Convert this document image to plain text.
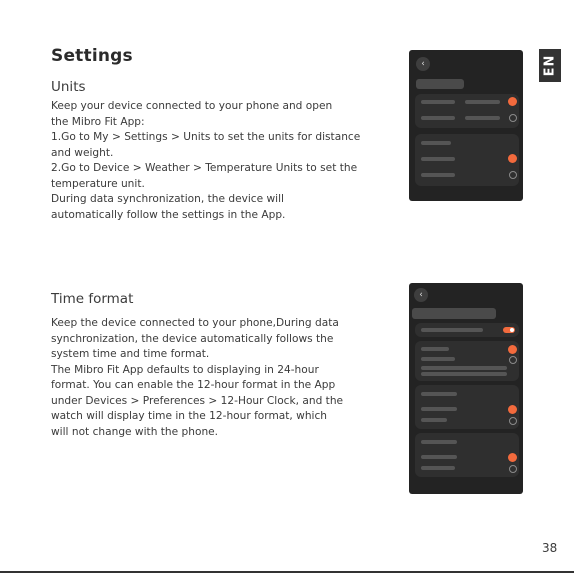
Settings	EN
Units
Keep your device connected to your phone and open
the Mibro Fit App:
1.Go to My > Settings > Units to set the units for distance
and weight.
2.Go to Device > Weather > Temperature Units to set the
temperature unit.
During data synchronization, the device will
automatically follow the settings in the App.
Time format
Keep the device connected to your phone,During data
synchronization, the device automatically follows the
system time and time format.
The Mibro Fit App defaults to displaying in 24-hour
format. You can enable the 12-hour format in the App
under Devices > Preferences > 12-Hour Clock, and the
watch will display time in the 12-hour format, which
will not change with the phone.
‹
‹
38
